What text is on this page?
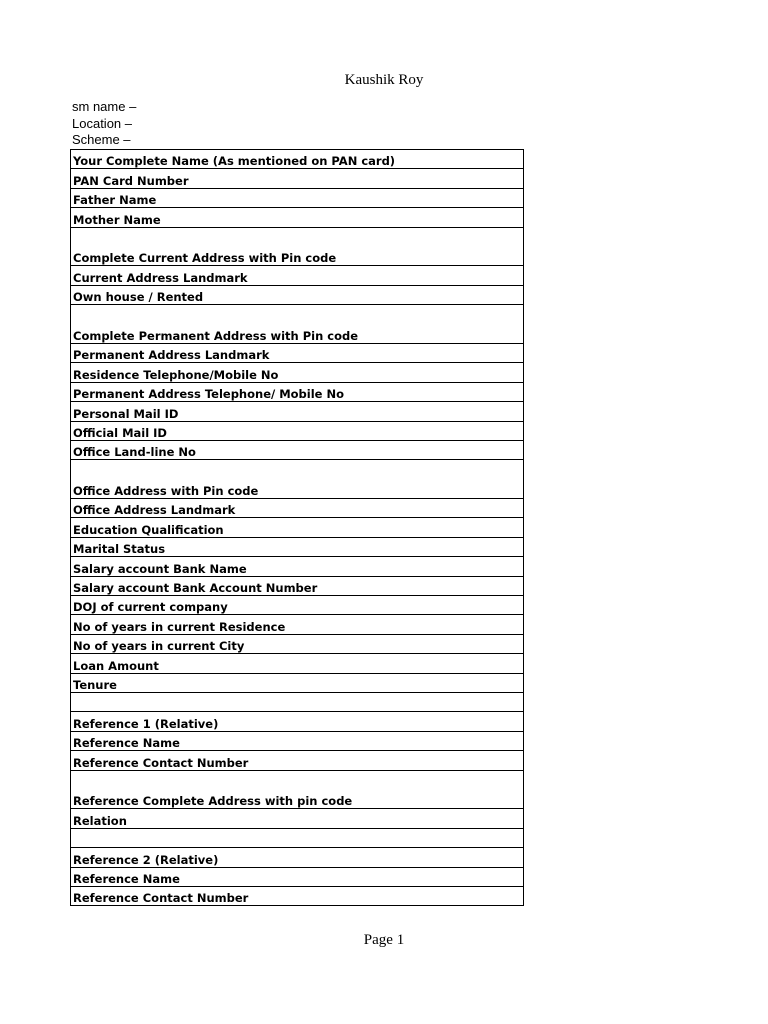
Kaushik Roy
sm name –
Location –
Scheme –
Your Complete Name (As mentioned on PAN card)
PAN Card Number
Father Name
Mother Name
Complete Current Address with Pin code
Current Address Landmark
Own house / Rented
Complete Permanent Address with Pin code
Permanent Address Landmark
Residence Telephone/Mobile No
Permanent Address Telephone/ Mobile No
Personal Mail ID
Official Mail ID
Office Land-line No
Office Address with Pin code
Office Address Landmark
Education Qualification
Marital Status
Salary account Bank Name
Salary account Bank Account Number
DOJ of current company
No of years in current Residence
No of years in current City
Loan Amount
Tenure

Reference 1 (Relative)
Reference Name
Reference Contact Number
Reference Complete Address with pin code
Relation

Reference 2 (Relative)
Reference Name
Reference Contact Number
Page 1
